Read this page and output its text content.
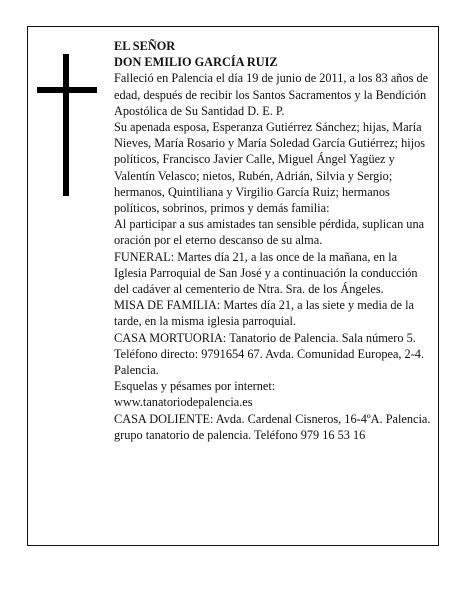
EL SEÑOR

DON EMILIO GARCÍA RUIZ

Falleció en Palencia el día 19 de junio de 2011, a los 83 años de edad, después de recibir los Santos Sacramentos y la Bendición Apostólica de Su Santidad D. E. P.

Su apenada esposa, Esperanza Gutiérrez Sánchez; hijas, María Nieves, María Rosario y María Soledad García Gutiérrez; hijos políticos, Francisco Javier Calle, Miguel Ángel Yagüez y Valentín Velasco; nietos, Rubén, Adrián, Silvia y Sergio; hermanos, Quintiliana y Virgilio García Ruiz; hermanos políticos, sobrinos, primos y demás familia:

Al participar a sus amistades tan sensible pérdida, suplican una oración por el eterno descanso de su alma.

FUNERAL: Martes día 21, a las once de la mañana, en la Iglesia Parroquial de San José y a continuación la conducción del cadáver al cementerio de Ntra. Sra. de los Ángeles.

MISA DE FAMILIA: Martes día 21, a las siete y media de la tarde, en la misma iglesia parroquial.

CASA MORTUORIA: Tanatorio de Palencia. Sala número 5. Teléfono directo: 9791654 67. Avda. Comunidad Europea, 2-4. Palencia.

Esquelas y pésames por internet:

www.tanatoriodepalencia.es

CASA DOLIENTE: Avda. Cardenal Cisneros, 16-4ºA. Palencia.

grupo tanatorio de palencia. Teléfono 979 16 53 16
